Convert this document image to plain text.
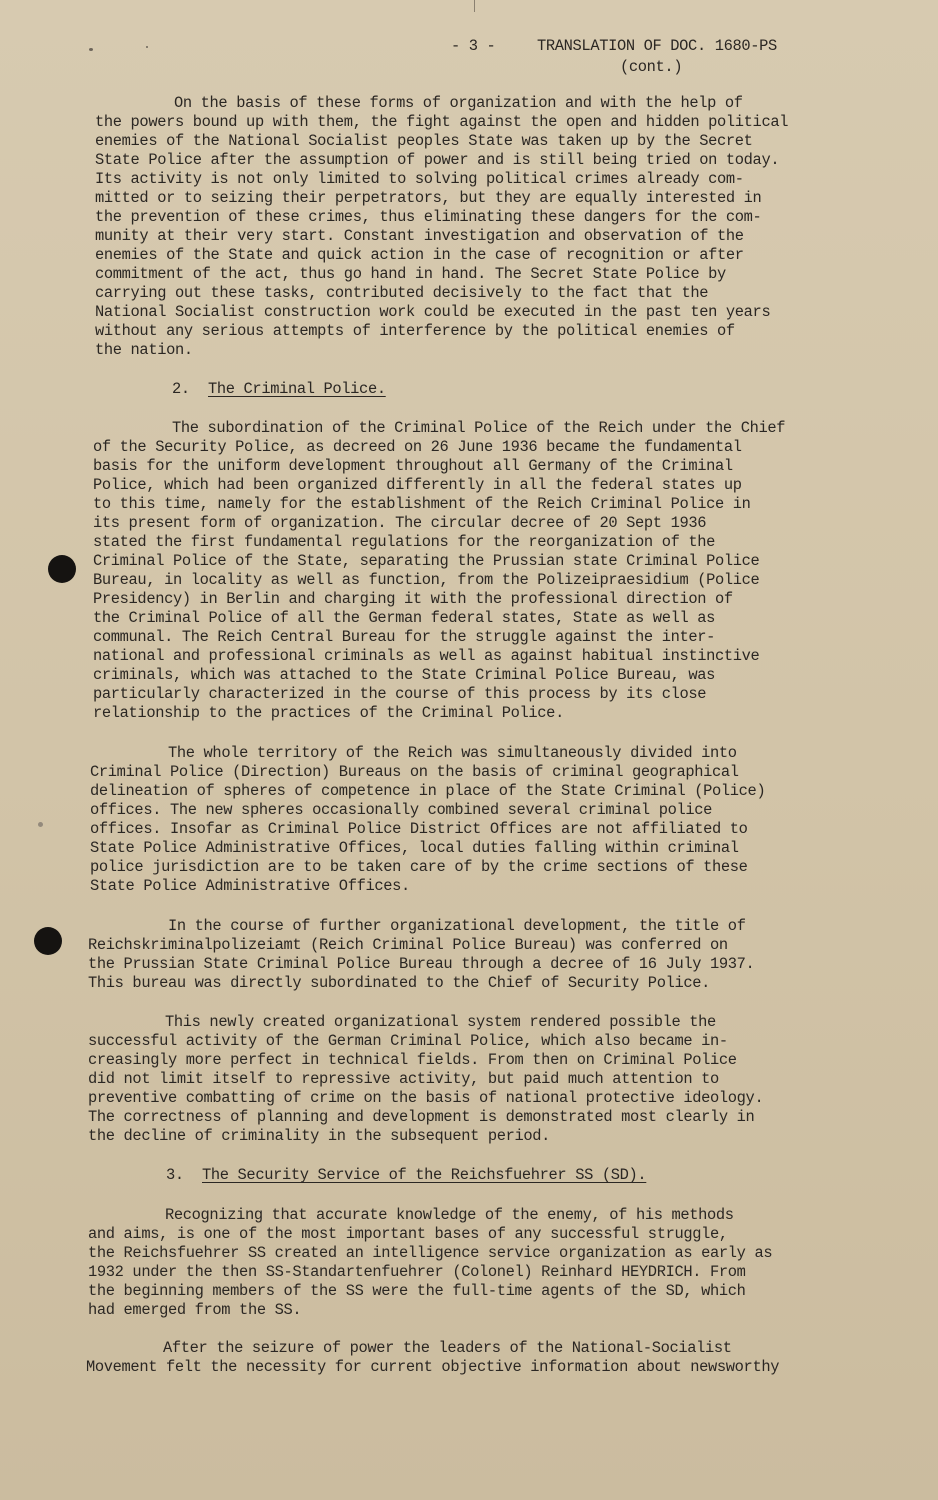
- 3 -	TRANSLATION OF DOC. 1680-PS
(cont.)
On the basis of these forms of organization and with the help of
the powers bound up with them, the fight against the open and hidden political
enemies of the National Socialist peoples State was taken up by the Secret
State Police after the assumption of power and is still being tried on today.
Its activity is not only limited to solving political crimes already com-
mitted or to seizing their perpetrators, but they are equally interested in
the prevention of these crimes, thus eliminating these dangers for the com-
munity at their very start. Constant investigation and observation of the
enemies of the State and quick action in the case of recognition or after
commitment of the act, thus go hand in hand. The Secret State Police by
carrying out these tasks, contributed decisively to the fact that the
National Socialist construction work could be executed in the past ten years
without any serious attempts of interference by the political enemies of
the nation.
2. The Criminal Police.
The subordination of the Criminal Police of the Reich under the Chief
of the Security Police, as decreed on 26 June 1936 became the fundamental
basis for the uniform development throughout all Germany of the Criminal
Police, which had been organized differently in all the federal states up
to this time, namely for the establishment of the Reich Criminal Police in
its present form of organization. The circular decree of 20 Sept 1936
stated the first fundamental regulations for the reorganization of the
Criminal Police of the State, separating the Prussian state Criminal Police
Bureau, in locality as well as function, from the Polizeipraesidium (Police
Presidency) in Berlin and charging it with the professional direction of
the Criminal Police of all the German federal states, State as well as
communal. The Reich Central Bureau for the struggle against the inter-
national and professional criminals as well as against habitual instinctive
criminals, which was attached to the State Criminal Police Bureau, was
particularly characterized in the course of this process by its close
relationship to the practices of the Criminal Police.
The whole territory of the Reich was simultaneously divided into
Criminal Police (Direction) Bureaus on the basis of criminal geographical
delineation of spheres of competence in place of the State Criminal (Police)
offices. The new spheres occasionally combined several criminal police
offices. Insofar as Criminal Police District Offices are not affiliated to
State Police Administrative Offices, local duties falling within criminal
police jurisdiction are to be taken care of by the crime sections of these
State Police Administrative Offices.
In the course of further organizational development, the title of
Reichskriminalpolizeiamt (Reich Criminal Police Bureau) was conferred on
the Prussian State Criminal Police Bureau through a decree of 16 July 1937.
This bureau was directly subordinated to the Chief of Security Police.
This newly created organizational system rendered possible the
successful activity of the German Criminal Police, which also became in-
creasingly more perfect in technical fields. From then on Criminal Police
did not limit itself to repressive activity, but paid much attention to
preventive combatting of crime on the basis of national protective ideology.
The correctness of planning and development is demonstrated most clearly in
the decline of criminality in the subsequent period.
3. The Security Service of the Reichsfuehrer SS (SD).
Recognizing that accurate knowledge of the enemy, of his methods
and aims, is one of the most important bases of any successful struggle,
the Reichsfuehrer SS created an intelligence service organization as early as
1932 under the then SS-Standartenfuehrer (Colonel) Reinhard HEYDRICH. From
the beginning members of the SS were the full-time agents of the SD, which
had emerged from the SS.
After the seizure of power the leaders of the National-Socialist
Movement felt the necessity for current objective information about newsworthy
